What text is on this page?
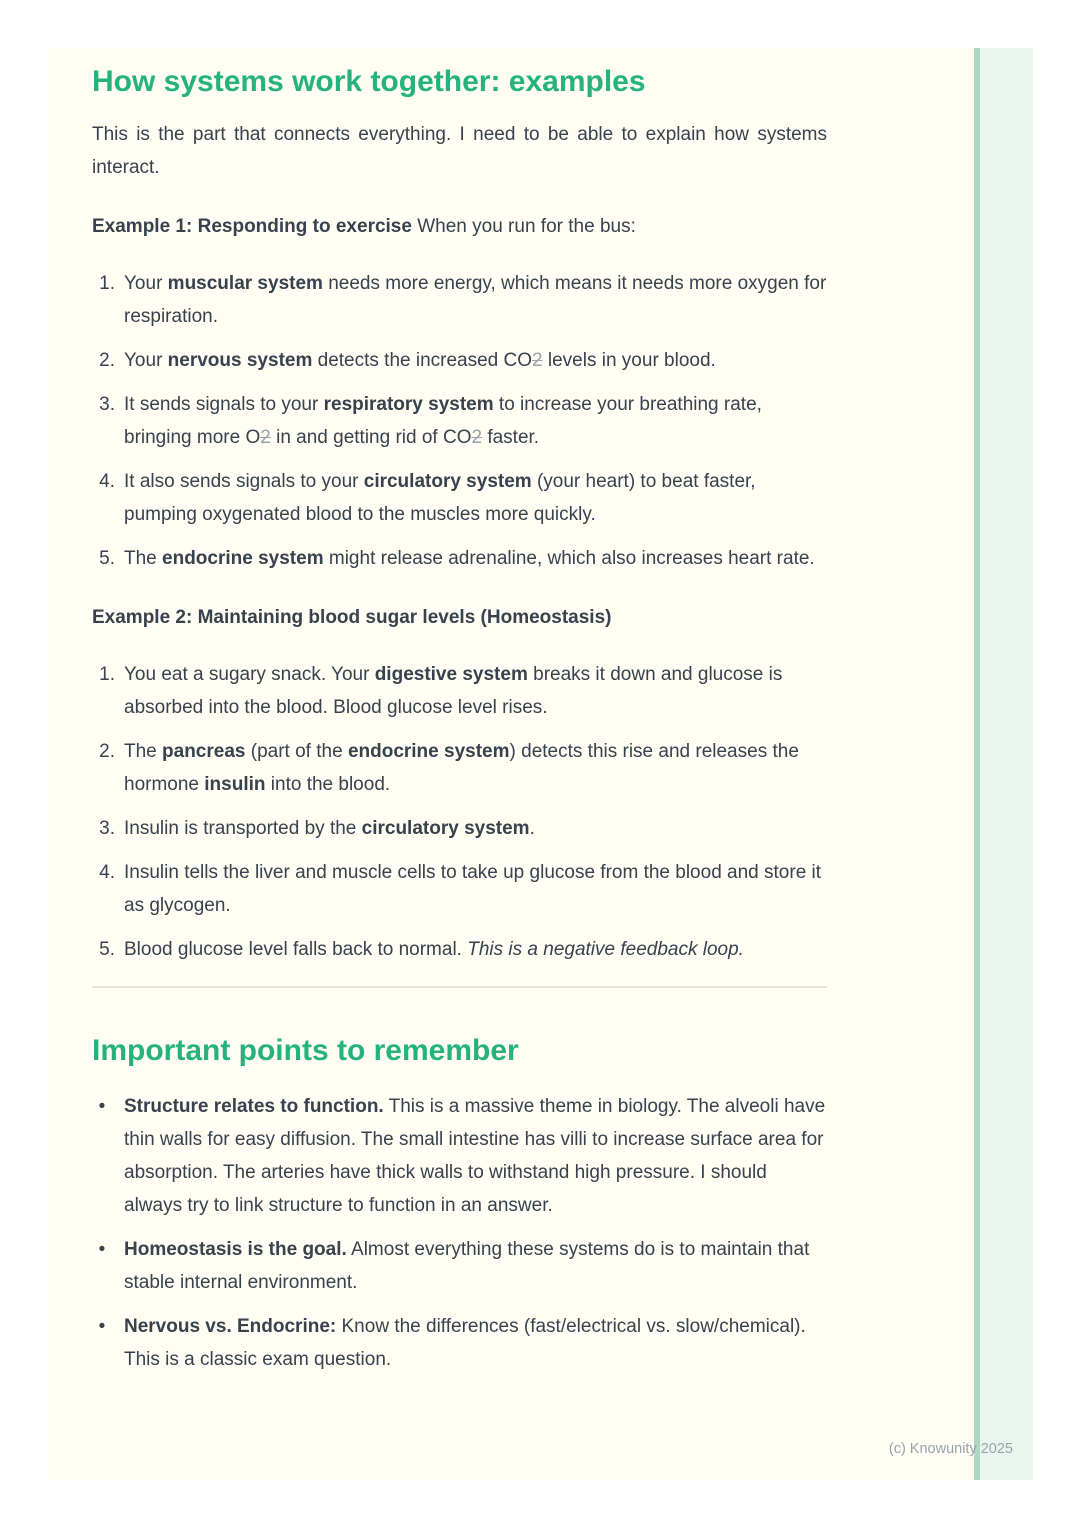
How systems work together: examples

This is the part that connects everything. I need to be able to explain how systems interact.

Example 1: Responding to exercise When you run for the bus:

1. Your muscular system needs more energy, which means it needs more oxygen for respiration.
2. Your nervous system detects the increased CO2 levels in your blood.
3. It sends signals to your respiratory system to increase your breathing rate, bringing more O2 in and getting rid of CO2 faster.
4. It also sends signals to your circulatory system (your heart) to beat faster, pumping oxygenated blood to the muscles more quickly.
5. The endocrine system might release adrenaline, which also increases heart rate.

Example 2: Maintaining blood sugar levels (Homeostasis)

1. You eat a sugary snack. Your digestive system breaks it down and glucose is absorbed into the blood. Blood glucose level rises.
2. The pancreas (part of the endocrine system) detects this rise and releases the hormone insulin into the blood.
3. Insulin is transported by the circulatory system.
4. Insulin tells the liver and muscle cells to take up glucose from the blood and store it as glycogen.
5. Blood glucose level falls back to normal. This is a negative feedback loop.
Important points to remember
• Structure relates to function. This is a massive theme in biology. The alveoli have thin walls for easy diffusion. The small intestine has villi to increase surface area for absorption. The arteries have thick walls to withstand high pressure. I should always try to link structure to function in an answer.
• Homeostasis is the goal. Almost everything these systems do is to maintain that stable internal environment.
• Nervous vs. Endocrine: Know the differences (fast/electrical vs. slow/chemical). This is a classic exam question.
(c) Knowunity 2025
